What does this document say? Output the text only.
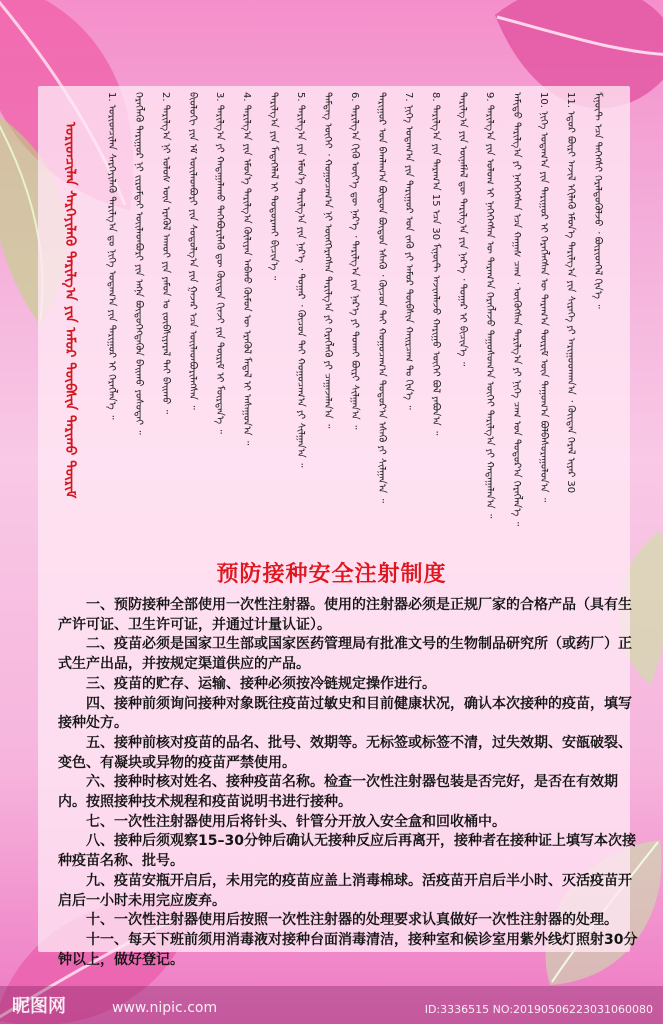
ᠤᠷᠢᠳᠴᠢᠯᠠᠨ ᠰᠡᠷᠭᠡᠶᠢᠯᠡᠬᠦ ᠲᠠᠷᠢᠯᠭ᠎ᠠ ᠶᠢᠨ ᠠᠮᠤᠷ ᠲᠦᠪᠰᠢᠨ ᠲᠠᠷᠢᠬᠤ ᠳᠦᠷᠢᠮ	1. ᠤᠷᠢᠳᠴᠢᠯᠠᠨ ᠰᠡᠷᠭᠡᠶᠢᠯᠡᠬᠦ ᠲᠠᠷᠢᠯᠭ᠎ᠠ ᠳᠤ ᠨᠢᠭᠡ ᠤᠳᠠᠭ᠎ᠠ ᠶᠢᠨ ᠲᠠᠷᠢᠭᠤᠷ ᠢ ᠬᠡᠷᠡᠭᠯᠡᠨ᠎ᠡ ᠃	ᠬᠡᠷᠡᠭᠯᠡᠬᠦ ᠲᠠᠷᠢᠭᠤᠷ ᠨᠢ ᠵᠢᠷᠤᠮᠲᠠᠢ ᠦᠢᠯᠡᠳᠪᠦᠷᠢ ᠶᠢᠨ ᠡᠩᠨᠡ ᠪᠦᠲᠦᠭᠡᠭᠳᠡᠬᠦᠨ ᠪᠠᠢᠬᠤ ᠶᠣᠰᠣᠲᠠᠢ ᠃	2. ᠲᠠᠷᠢᠯᠭ᠎ᠠ ᠨᠢ ᠤᠯᠤᠰ ᠦᠨ ᠡᠷᠡᠭᠦᠯ ᠠᠬᠤᠢ ᠶᠢᠨ ᠶᠠᠮᠤᠨ ᠤ ᠵᠦᠪᠰᠢᠶᠡᠷᠡᠯ ᠲᠠᠢ ᠪᠠᠢᠬᠤ ᠃	ᠪᠢᠣᠯᠣᠭᠢ ᠶᠢᠨ ᠡᠮ ᠦᠢᠯᠡᠳᠪᠦᠷᠢ ᠶᠢᠨ ᠰᠤᠳᠤᠯᠭ᠎ᠠ ᠶᠢᠨ ᠭᠠᠵᠠᠷ ᠡᠴᠡ ᠦᠢᠯᠡᠳᠪᠦᠷᠢᠯᠡᠭᠰᠡᠨ ᠃	3. ᠲᠠᠷᠢᠯᠭ᠎ᠠ ᠶᠢ ᠬᠠᠳᠠᠭᠠᠯᠠᠬᠤ ᠲᠡᠭᠡᠪᠦᠷᠢᠯᠡᠬᠦ ᠳᠦ ᠬᠦᠢᠲᠡᠨ ᠭᠢᠨᠵᠢ ᠶᠢᠨ ᠳᠦᠷᠢᠮ ᠢ ᠮᠦᠷᠳᠡᠨ᠎ᠡ ᠃	4. ᠲᠠᠷᠢᠯᠭ᠎ᠠ ᠶᠢᠨ ᠡᠮᠦᠨ᠎ᠡ ᠲᠠᠷᠢᠯᠭ᠎ᠠ ᠬᠦᠯᠢᠶᠡᠨ ᠠᠪᠬᠤ ᠬᠦᠮᠦᠨ ᠦ ᠡᠷᠡᠭᠦᠯ ᠮᠡᠳᠡᠯ ᠢ ᠠᠰᠠᠭᠤᠨ᠎ᠠ ᠃	ᠲᠠᠷᠢᠯᠭ᠎ᠠ ᠶᠢᠨ ᠮᠡᠳᠡᠭᠡᠯᠡᠯ ᠢ ᠲᠣᠳᠣᠷᠬᠠᠢ ᠪᠢᠴᠢᠨ᠎ᠡ ᠃	5. ᠲᠠᠷᠢᠯᠭ᠎ᠠ ᠶᠢᠨ ᠡᠮᠦᠨ᠎ᠡ ᠲᠠᠷᠢᠯᠭ᠎ᠠ ᠶᠢᠨ ᠨᠡᠷ᠎ᠡ ᠂ ᠳᠤᠭᠠᠷ ᠂ ᠬᠦᠴᠦᠨ ᠲᠡᠢ ᠬᠤᠭᠤᠴᠠᠭ᠎ᠠ ᠶᠢ ᠰᠢᠯᠭᠠᠨ᠎ᠠ ᠃	ᠲᠡᠮᠳᠡᠭ ᠦᠭᠡᠢ ᠂ ᠬᠤᠭᠤᠴᠠᠭ᠎ᠠ ᠨᠢ ᠥᠩᠭᠡᠷᠡᠭᠰᠡᠨ ᠲᠠᠷᠢᠯᠭ᠎ᠠ ᠶᠢ ᠬᠡᠷᠡᠭᠯᠡᠬᠦ ᠶᠢ ᠴᠠᠭᠠᠵᠠᠯᠠᠨ᠎ᠠ ᠃	6. ᠲᠠᠷᠢᠯᠭ᠎ᠠ ᠬᠢᠬᠦ ᠦᠶ᠎ᠡ ᠳᠦ ᠨᠡᠷ᠎ᠡ ᠂ ᠲᠠᠷᠢᠯᠭ᠎ᠠ ᠶᠢᠨ ᠨᠡᠷ᠎ᠡ ᠶᠢ ᠲᠤᠬᠠᠢ ᠪᠦᠷᠢ ᠰᠢᠯᠭᠠᠨ᠎ᠠ ᠃	ᠲᠠᠷᠢᠭᠤᠷ ᠤᠨ ᠪᠠᠭᠯᠠᠭ᠎ᠠ ᠪᠦᠲᠦᠨ ᠪᠦᠲᠦᠨ ᠡᠰᠡᠬᠦ ᠂ ᠬᠦᠴᠦᠨ ᠲᠡᠢ ᠬᠤᠭᠤᠴᠠᠭ᠎ᠠ ᠳᠤᠲᠤᠷ᠎ᠠ ᠡᠰᠡᠬᠦ ᠶᠢ ᠰᠢᠯᠭᠠᠨ᠎ᠠ ᠃	7. ᠨᠢᠭᠡ ᠤᠳᠠᠭ᠎ᠠ ᠶᠢᠨ ᠲᠠᠷᠢᠭᠤᠷ ᠤᠨ ᠵᠡᠭᠦ ᠶᠢ ᠠᠮᠤᠷ ᠲᠦᠪᠰᠢᠨ ᠬᠠᠢᠷᠴᠠᠭ ᠲᠤ ᠬᠢᠨ᠎ᠡ ᠃	8. ᠲᠠᠷᠢᠯᠭ᠎ᠠ ᠶᠢᠨ ᠳᠠᠷᠠᠭ᠎ᠠ 15 ᠡᠴᠡ 30 ᠮᠢᠨᠦ᠋ᠲ ᠠᠵᠢᠭᠯᠠᠵᠤ ᠬᠠᠷᠢᠭᠤ ᠦᠭᠡᠢ ᠪᠣᠯ ᠶᠠᠪᠤᠨ᠎ᠠ ᠃	ᠲᠠᠷᠢᠯᠭ᠎ᠠ ᠶᠢᠨ ᠦᠨᠡᠮᠯᠡᠯ ᠳᠦ ᠲᠠᠷᠢᠯᠭ᠎ᠠ ᠶᠢᠨ ᠨᠡᠷ᠎ᠡ ᠂ ᠳᠤᠭᠠᠷ ᠢ ᠪᠢᠴᠢᠨ᠎ᠡ ᠃	9. ᠲᠠᠷᠢᠯᠭ᠎ᠠ ᠶᠢᠨ ᠣᠯᠣᠭ ᠢ ᠨᠡᠭᠡᠭᠡᠭᠰᠡᠨ ᠦ ᠳᠠᠷᠠᠭ᠎ᠠ ᠬᠡᠷᠡᠭᠯᠡᠵᠦ ᠳᠠᠭᠤᠰᠤᠭ᠎ᠠ ᠦᠭᠡᠢ ᠲᠠᠷᠢᠯᠭ᠎ᠠ ᠶᠢ ᠬᠠᠳᠠᠭᠠᠯᠠᠨ᠎ᠠ ᠃	ᠠᠮᠢᠳᠤ ᠲᠠᠷᠢᠯᠭ᠎ᠠ ᠶᠢ ᠨᠡᠭᠡᠭᠡᠭᠰᠡᠨ ᠡᠴᠡ ᠬᠠᠭᠠᠰ ᠴᠠᠭ ᠂ ᠦᠬᠦᠭᠰᠡᠨ ᠲᠠᠷᠢᠯᠭ᠎ᠠ ᠶᠢ ᠨᠢᠭᠡ ᠴᠠᠭ ᠤᠨ ᠳᠣᠲᠣᠷ᠎ᠠ ᠬᠡᠷᠡᠭᠯᠡᠨ᠎ᠡ ᠃	10. ᠨᠢᠭᠡ ᠤᠳᠠᠭ᠎ᠠ ᠶᠢᠨ ᠲᠠᠷᠢᠭᠤᠷ ᠢ ᠬᠡᠷᠡᠭᠯᠡᠭᠰᠡᠨ ᠦ ᠳᠠᠷᠠᠭ᠎ᠠ ᠳᠦᠷᠢᠮ ᠦᠨ ᠳᠠᠭᠤᠭ᠎ᠠ ᠪᠣᠯᠪᠠᠰᠤᠷᠠᠭᠤᠯᠤᠨ᠎ᠠ ᠃	11. ᠡᠳᠦᠷ ᠪᠦᠷᠢ ᠠᠵᠢᠯ ᠡᠬᠢᠯᠡᠬᠦ ᠡᠮᠦᠨ᠎ᠡ ᠲᠠᠷᠢᠯᠭ᠎ᠠ ᠶᠢᠨ ᠰᠢᠷᠡᠭᠡ ᠶᠢ ᠠᠷᠢᠭᠤᠳᠬᠠᠨ᠎ᠠ ᠂ ᠬᠦᠢᠲᠡᠨ ᠭᠡᠷᠡᠯ ᠢᠶᠡᠷ 30	ᠮᠢᠨᠦ᠋ᠲ ᠡᠴᠡ ᠳᠡᠭᠡᠭᠰᠢ ᠭᠡᠷᠡᠯᠲᠦᠭᠦᠯᠵᠦ ᠂ ᠪᠦᠷᠢᠳᠬᠡᠯ ᠬᠢᠨ᠎ᠡ ᠃
预防接种安全注射制度

一、预防接种全部使用一次性注射器。使用的注射器必须是正规厂家的合格产品（具有生产许可证、卫生许可证，并通过计量认证）。

二、疫苗必须是国家卫生部或国家医药管理局有批准文号的生物制品研究所（或药厂）正式生产出品，并按规定渠道供应的产品。

三、疫苗的贮存、运输、接种必须按冷链规定操作进行。

四、接种前须询问接种对象既往疫苗过敏史和目前健康状况，确认本次接种的疫苗，填写接种处方。

五、接种前核对疫苗的品名、批号、效期等。无标签或标签不清，过失效期、安瓿破裂、变色、有凝块或异物的疫苗严禁使用。

六、接种时核对姓名、接种疫苗名称。检查一次性注射器包装是否完好，是否在有效期内。按照接种技术规程和疫苗说明书进行接种。

七、一次性注射器使用后将针头、针管分开放入安全盒和回收桶中。

八、接种后须观察15–30分钟后确认无接种反应后再离开，接种者在接种证上填写本次接种疫苗名称、批号。

九、疫苗安瓶开启后，未用完的疫苗应盖上消毒棉球。活疫苗开启后半小时、灭活疫苗开启后一小时未用完应废弃。

十、一次性注射器使用后按照一次性注射器的处理要求认真做好一次性注射器的处理。

十一、每天下班前须用消毒液对接种台面消毒清洁，接种室和候诊室用紫外线灯照射30分钟以上，做好登记。

昵图网	www.nipic.com	ID:3336515 NO:20190506223031060080
